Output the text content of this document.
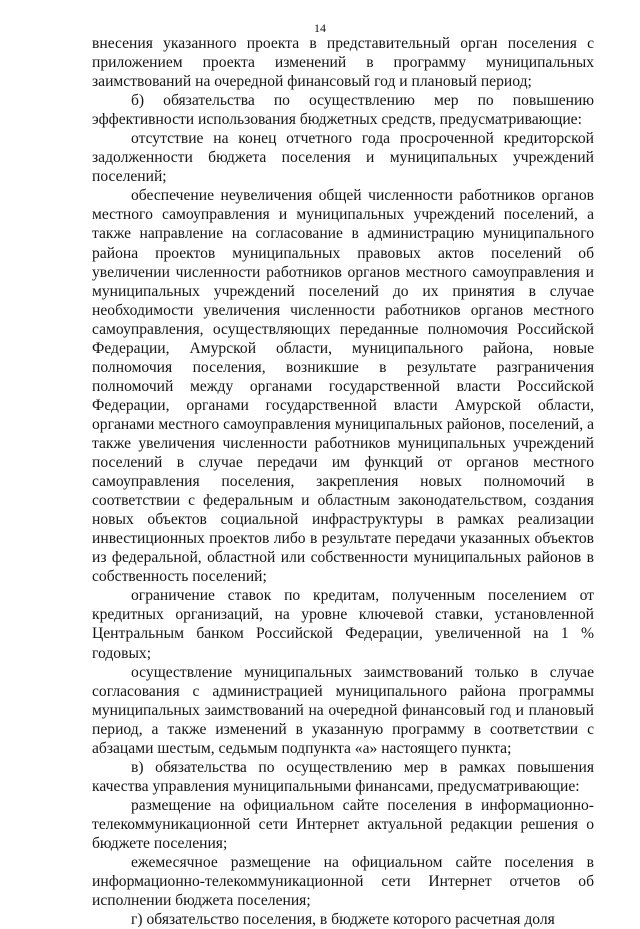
14

внесения указанного проекта в представительный орган поселения с приложением проекта изменений в программу муниципальных заимствований на очередной финансовый год и плановый период;

б) обязательства по осуществлению мер по повышению эффективности использования бюджетных средств, предусматривающие:

отсутствие на конец отчетного года просроченной кредиторской задолженности бюджета поселения и муниципальных учреждений поселений;

обеспечение неувеличения общей численности работников органов местного самоуправления и муниципальных учреждений поселений, а также направление на согласование в администрацию муниципального района проектов муниципальных правовых актов поселений об увеличении численности работников органов местного самоуправления и муниципальных учреждений поселений до их принятия в случае необходимости увеличения численности работников органов местного самоуправления, осуществляющих переданные полномочия Российской Федерации, Амурской области, муниципального района, новые полномочия поселения, возникшие в результате разграничения полномочий между органами государственной власти Российской Федерации, органами государственной власти Амурской области, органами местного самоуправления муниципальных районов, поселений, а также увеличения численности работников муниципальных учреждений поселений в случае передачи им функций от органов местного самоуправления поселения, закрепления новых полномочий в соответствии с федеральным и областным законодательством, создания новых объектов социальной инфраструктуры в рамках реализации инвестиционных проектов либо в результате передачи указанных объектов из федеральной, областной или собственности муниципальных районов в собственность поселений;

ограничение ставок по кредитам, полученным поселением от кредитных организаций, на уровне ключевой ставки, установленной Центральным банком Российской Федерации, увеличенной на 1 % годовых;

осуществление муниципальных заимствований только в случае согласования с администрацией муниципального района программы муниципальных заимствований на очередной финансовый год и плановый период, а также изменений в указанную программу в соответствии с абзацами шестым, седьмым подпункта «а» настоящего пункта;

в) обязательства по осуществлению мер в рамках повышения качества управления муниципальными финансами, предусматривающие:

размещение на официальном сайте поселения в информационно-телекоммуникационной сети Интернет актуальной редакции решения о бюджете поселения;

ежемесячное размещение на официальном сайте поселения в информационно-телекоммуникационной сети Интернет отчетов об исполнении бюджета поселения;

г) обязательство поселения, в бюджете которого расчетная доля
